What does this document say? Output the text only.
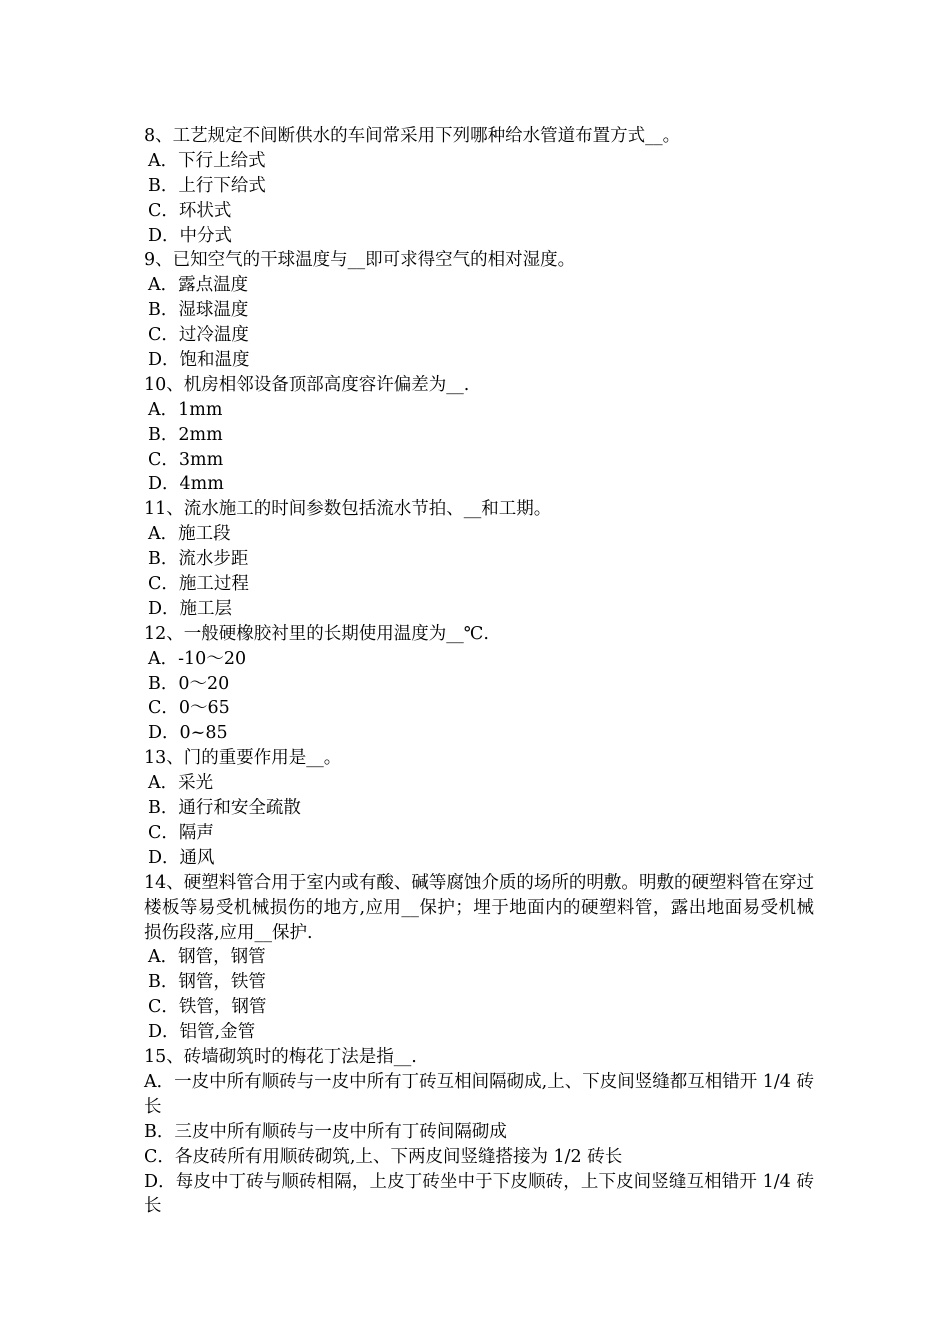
8、工艺规定不间断供水的车间常采用下列哪种给水管道布置方式__。
A．下行上给式
B．上行下给式
C．环状式
D．中分式
9、已知空气的干球温度与__即可求得空气的相对湿度。
A．露点温度
B．湿球温度
C．过冷温度
D．饱和温度
10、机房相邻设备顶部高度容许偏差为__.
A．1mm
B．2mm
C．3mm
D．4mm
11、流水施工的时间参数包括流水节拍、__和工期。
A．施工段
B．流水步距
C．施工过程
D．施工层
12、一般硬橡胶衬里的长期使用温度为__℃.
A．-10～20
B．0～20
C．0～65
D．0~85
13、门的重要作用是__。
A．采光
B．通行和安全疏散
C．隔声
D．通风
14、硬塑料管合用于室内或有酸、碱等腐蚀介质的场所的明敷。明敷的硬塑料管在穿过楼板等易受机械损伤的地方,应用__保护；埋于地面内的硬塑料管，露出地面易受机械损伤段落,应用__保护.
A．钢管，钢管
B．钢管，铁管
C．铁管，钢管
D．铝管,金管
15、砖墙砌筑时的梅花丁法是指__.
A．一皮中所有顺砖与一皮中所有丁砖互相间隔砌成,上、下皮间竖缝都互相错开 1/4 砖长
B．三皮中所有顺砖与一皮中所有丁砖间隔砌成
C．各皮砖所有用顺砖砌筑,上、下两皮间竖缝搭接为 1/2 砖长
D．每皮中丁砖与顺砖相隔，上皮丁砖坐中于下皮顺砖，上下皮间竖缝互相错开 1/4 砖长
